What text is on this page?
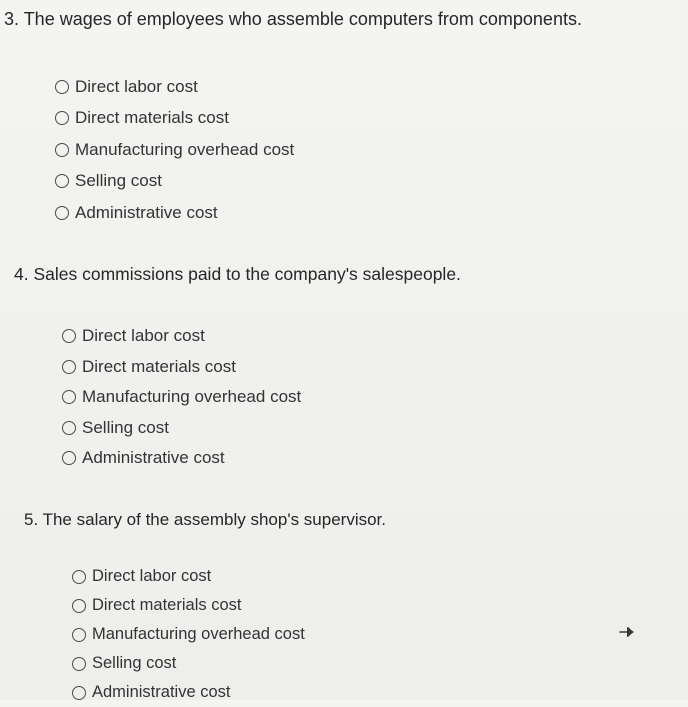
3. The wages of employees who assemble computers from components.
Direct labor cost
Direct materials cost
Manufacturing overhead cost
Selling cost
Administrative cost
4. Sales commissions paid to the company's salespeople.
Direct labor cost
Direct materials cost
Manufacturing overhead cost
Selling cost
Administrative cost
5. The salary of the assembly shop's supervisor.
Direct labor cost
Direct materials cost
Manufacturing overhead cost
Selling cost
Administrative cost
